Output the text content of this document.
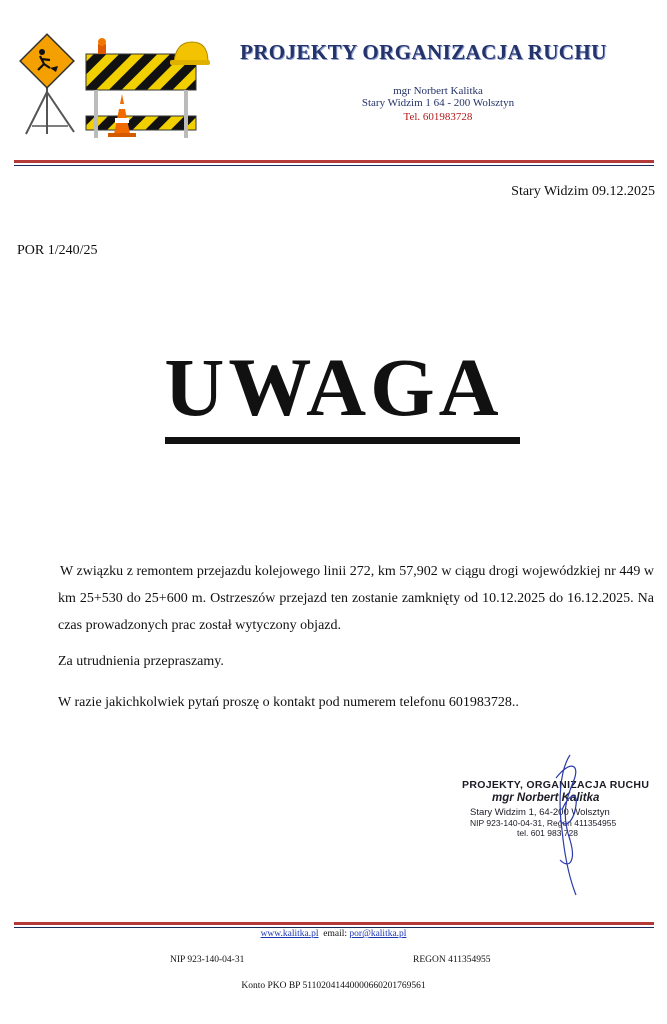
PROJEKTY ORGANIZACJA RUCHU
mgr Norbert Kalitka
Stary Widzim 1 64 - 200 Wolsztyn
Tel. 601983728
Stary Widzim 09.12.2025
POR 1/240/25
UWAGA
W związku z remontem przejazdu kolejowego linii 272, km 57,902 w ciągu drogi wojewódzkiej nr 449 w km 25+530 do 25+600 m. Ostrzeszów przejazd ten zostanie zamknięty od 10.12.2025 do 16.12.2025. Na czas prowadzonych prac został wytyczony objazd.
Za utrudnienia przepraszamy.
W razie jakichkolwiek pytań proszę o kontakt pod numerem telefonu 601983728..
PROJEKTY, ORGANIZACJA RUCHU
mgr Norbert Kalitka
Stary Widzim 1, 64-200 Wolsztyn
NIP 923-140-04-31, Regon 411354955
tel. 601 983 728
www.kalitka.pl email: por@kalitka.pl
NIP 923-140-04-31	REGON 411354955
Konto PKO BP 51102041440000660201769561
